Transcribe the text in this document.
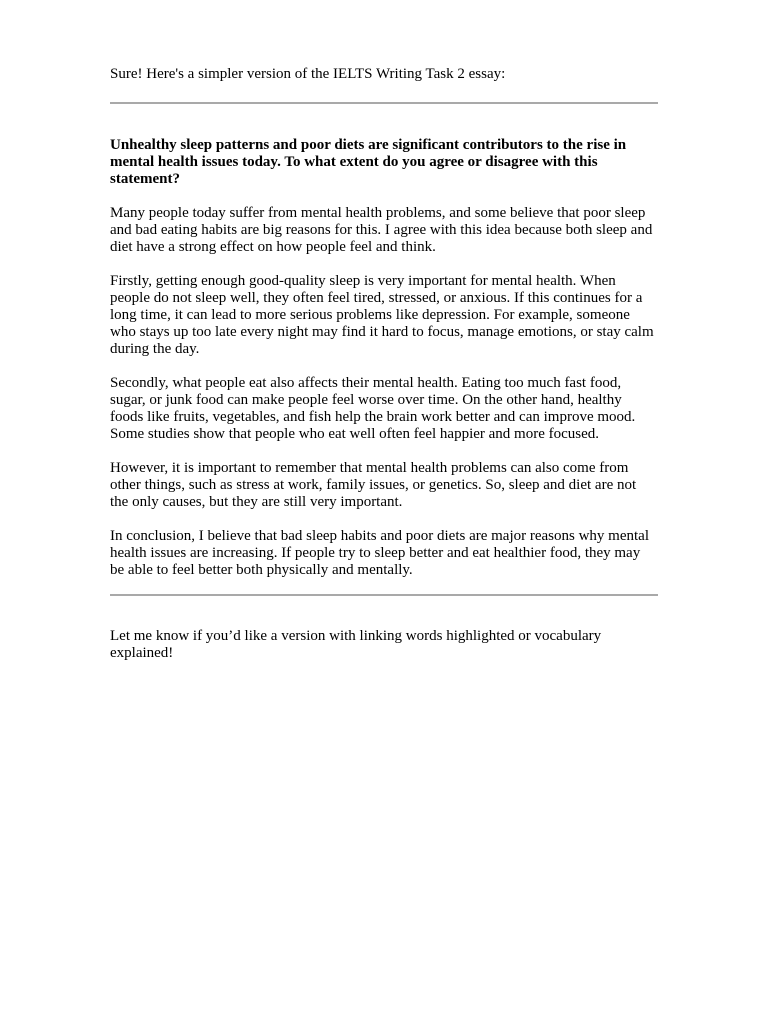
Sure! Here's a simpler version of the IELTS Writing Task 2 essay:

Unhealthy sleep patterns and poor diets are significant contributors to the rise in mental health issues today. To what extent do you agree or disagree with this statement?

Many people today suffer from mental health problems, and some believe that poor sleep and bad eating habits are big reasons for this. I agree with this idea because both sleep and diet have a strong effect on how people feel and think.

Firstly, getting enough good-quality sleep is very important for mental health. When people do not sleep well, they often feel tired, stressed, or anxious. If this continues for a long time, it can lead to more serious problems like depression. For example, someone who stays up too late every night may find it hard to focus, manage emotions, or stay calm during the day.

Secondly, what people eat also affects their mental health. Eating too much fast food, sugar, or junk food can make people feel worse over time. On the other hand, healthy foods like fruits, vegetables, and fish help the brain work better and can improve mood. Some studies show that people who eat well often feel happier and more focused.

However, it is important to remember that mental health problems can also come from other things, such as stress at work, family issues, or genetics. So, sleep and diet are not the only causes, but they are still very important.

In conclusion, I believe that bad sleep habits and poor diets are major reasons why mental health issues are increasing. If people try to sleep better and eat healthier food, they may be able to feel better both physically and mentally.

Let me know if you’d like a version with linking words highlighted or vocabulary explained!
